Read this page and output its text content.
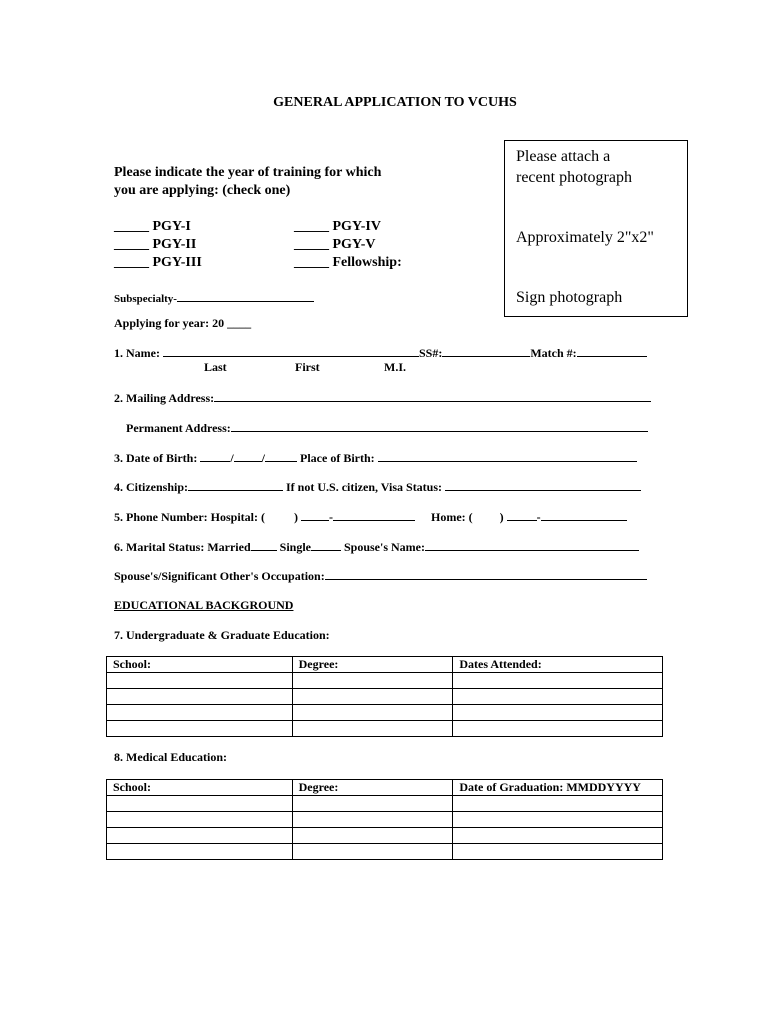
GENERAL APPLICATION TO VCUHS
Please indicate the year of training for which
you are applying: (check one)
_____ PGY-I
_____ PGY-II
_____ PGY-III
_____ PGY-IV
_____ PGY-V
_____ Fellowship:
Please attach a
recent photograph
Approximately 2"x2"
Sign photograph
Subspecialty-
Applying for year: 20 ____
1. Name:	SS#:	Match #:
Last	First	M.I.
2. Mailing Address:
Permanent Address:
3. Date of Birth:	/ /	Place of Birth:
4. Citizenship:	If not U.S. citizen, Visa Status:
5. Phone Number: Hospital: ( )	-	Home: ( )	-
6. Marital Status: Married Single	Spouse's Name:
Spouse's/Significant Other's Occupation:
EDUCATIONAL BACKGROUND
7. Undergraduate & Graduate Education:
School:	Degree:	Dates Attended:

8. Medical Education:
School:	Degree:	Date of Graduation: MMDDYYYY
